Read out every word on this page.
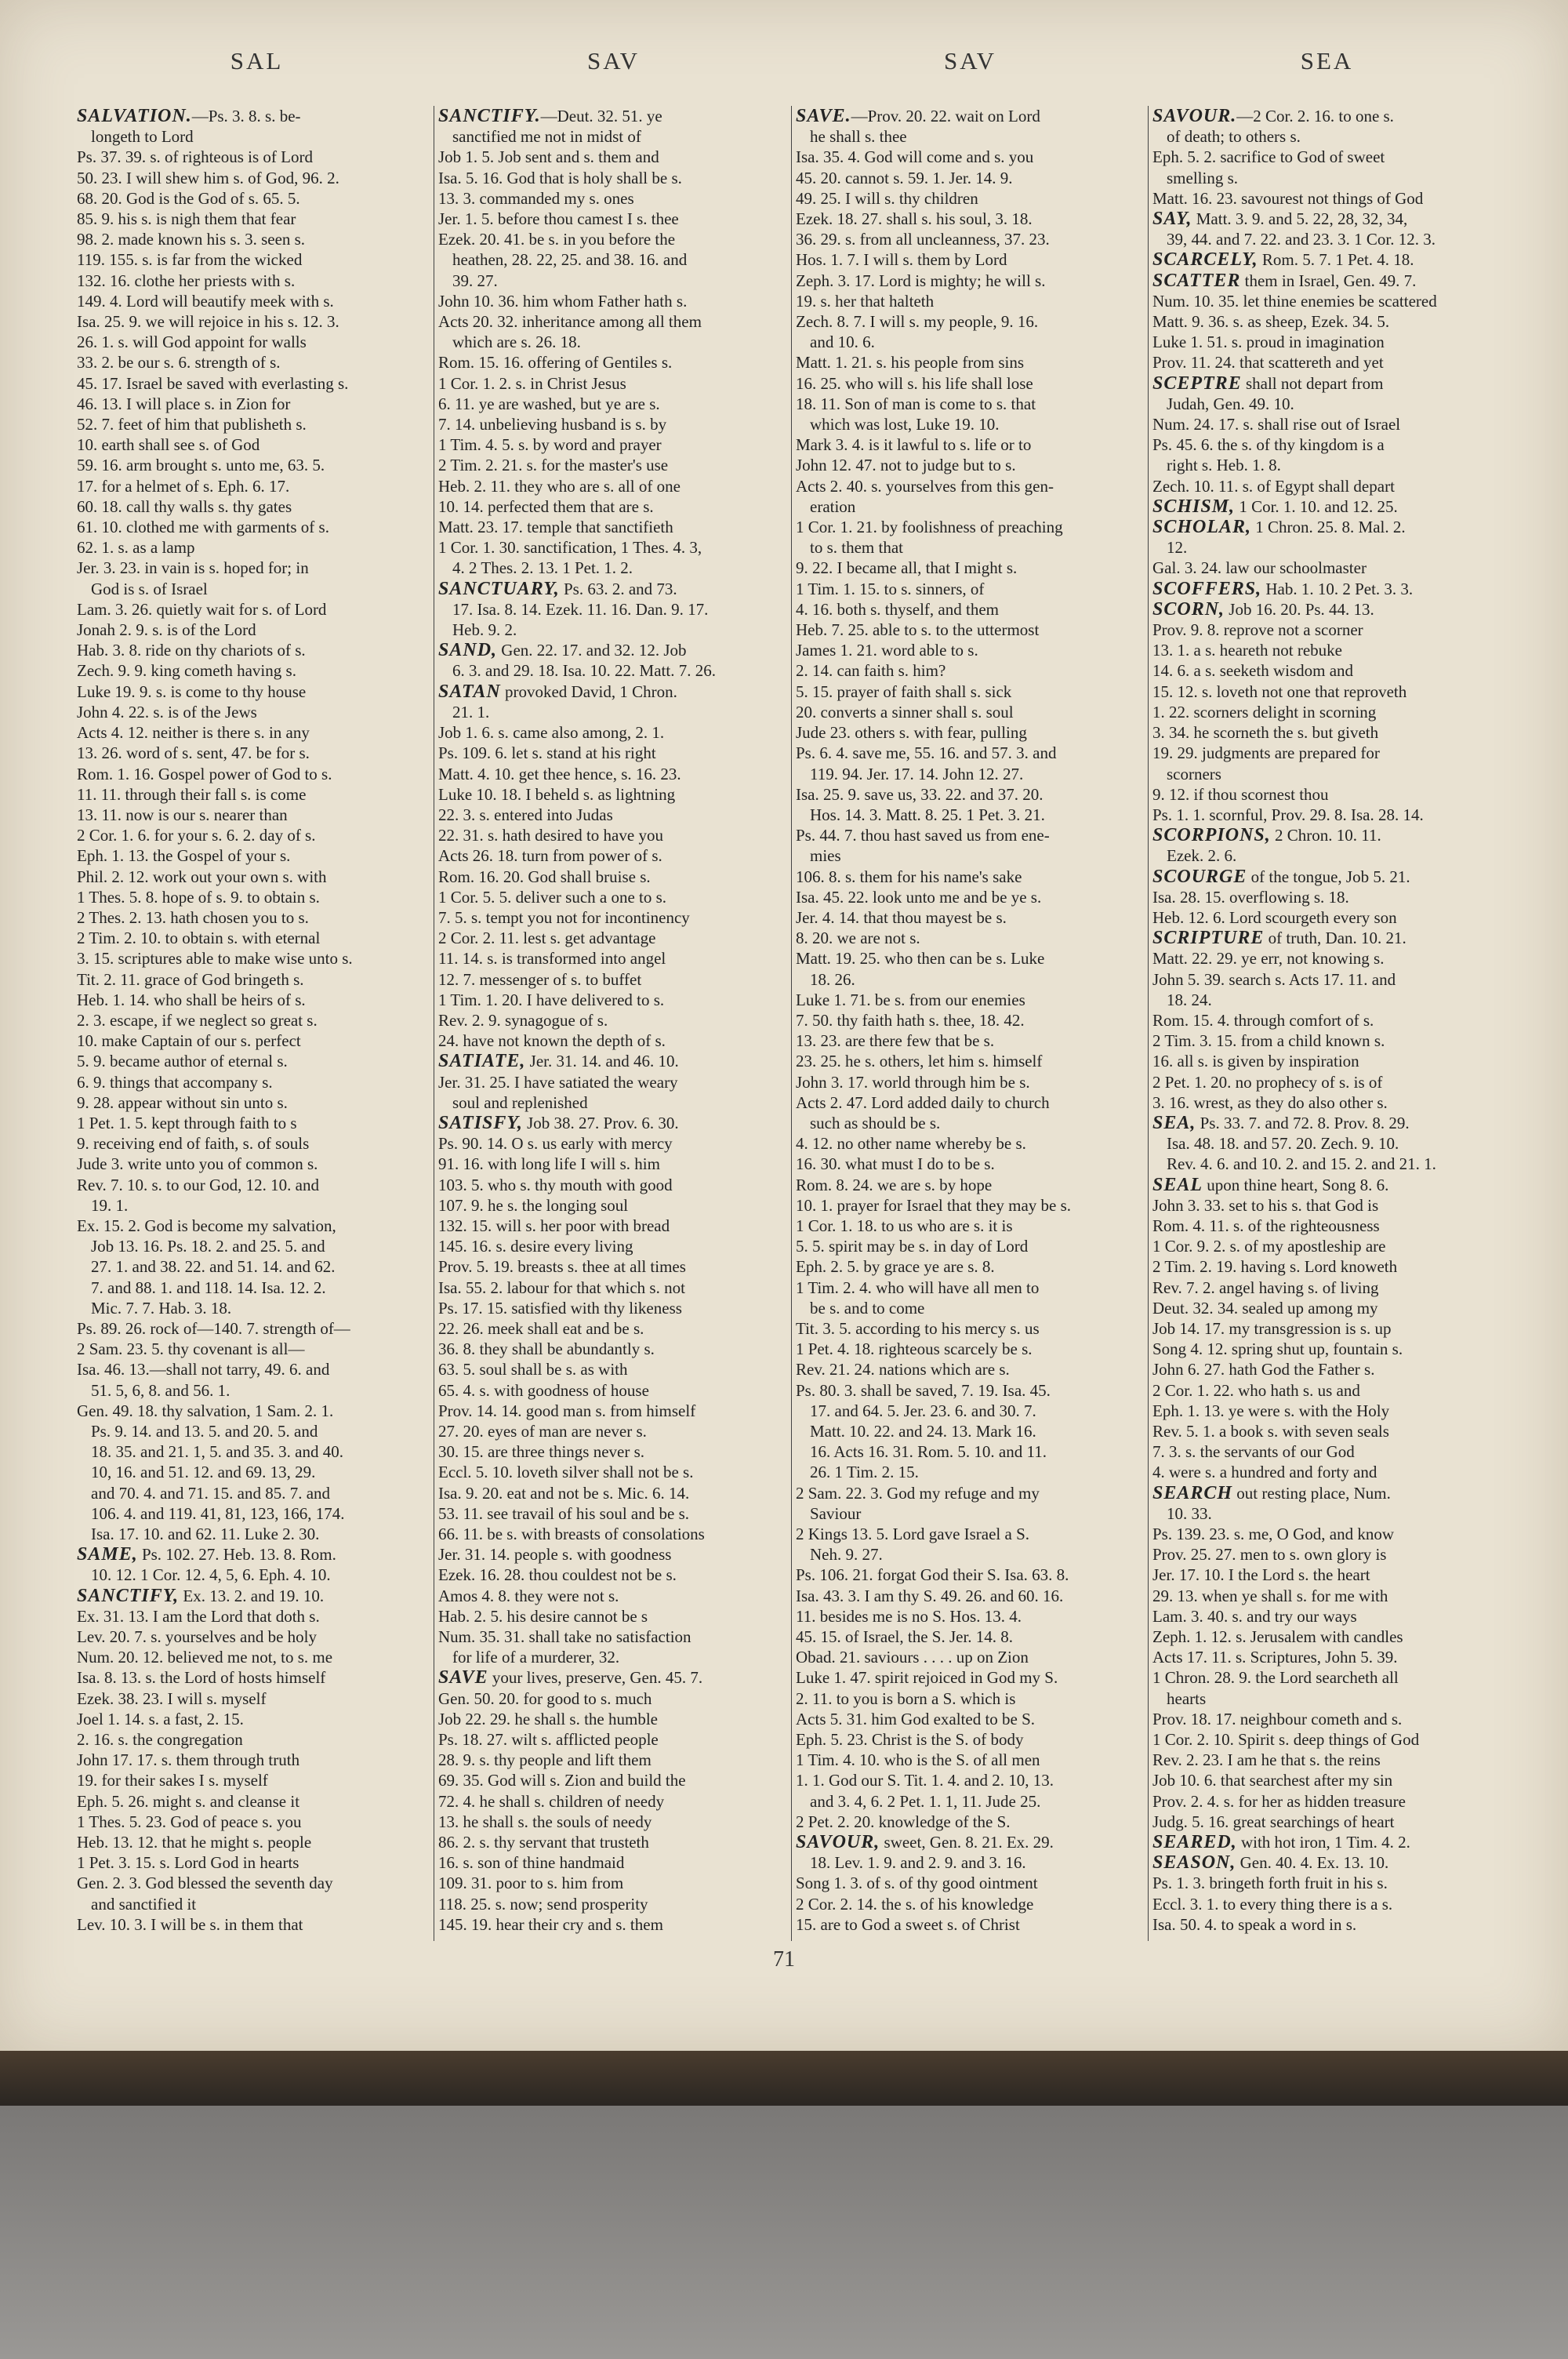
SAL	SAV	SAV	SEA
SALVATION.—Ps. 3. 8. s. be-
longeth to Lord
Ps. 37. 39. s. of righteous is of Lord
50. 23. I will shew him s. of God, 96. 2.
68. 20. God is the God of s. 65. 5.
85. 9. his s. is nigh them that fear
98. 2. made known his s. 3. seen s.
119. 155. s. is far from the wicked
132. 16. clothe her priests with s.
149. 4. Lord will beautify meek with s.
Isa. 25. 9. we will rejoice in his s. 12. 3.
26. 1. s. will God appoint for walls
33. 2. be our s. 6. strength of s.
45. 17. Israel be saved with everlasting s.
46. 13. I will place s. in Zion for
52. 7. feet of him that publisheth s.
10. earth shall see s. of God
59. 16. arm brought s. unto me, 63. 5.
17. for a helmet of s. Eph. 6. 17.
60. 18. call thy walls s. thy gates
61. 10. clothed me with garments of s.
62. 1. s. as a lamp
Jer. 3. 23. in vain is s. hoped for; in
God is s. of Israel
Lam. 3. 26. quietly wait for s. of Lord
Jonah 2. 9. s. is of the Lord
Hab. 3. 8. ride on thy chariots of s.
Zech. 9. 9. king cometh having s.
Luke 19. 9. s. is come to thy house
John 4. 22. s. is of the Jews
Acts 4. 12. neither is there s. in any
13. 26. word of s. sent, 47. be for s.
Rom. 1. 16. Gospel power of God to s.
11. 11. through their fall s. is come
13. 11. now is our s. nearer than
2 Cor. 1. 6. for your s. 6. 2. day of s.
Eph. 1. 13. the Gospel of your s.
Phil. 2. 12. work out your own s. with
1 Thes. 5. 8. hope of s. 9. to obtain s.
2 Thes. 2. 13. hath chosen you to s.
2 Tim. 2. 10. to obtain s. with eternal
3. 15. scriptures able to make wise unto s.
Tit. 2. 11. grace of God bringeth s.
Heb. 1. 14. who shall be heirs of s.
2. 3. escape, if we neglect so great s.
10. make Captain of our s. perfect
5. 9. became author of eternal s.
6. 9. things that accompany s.
9. 28. appear without sin unto s.
1 Pet. 1. 5. kept through faith to s
9. receiving end of faith, s. of souls
Jude 3. write unto you of common s.
Rev. 7. 10. s. to our God, 12. 10. and
19. 1.
Ex. 15. 2. God is become my salvation,
Job 13. 16. Ps. 18. 2. and 25. 5. and
27. 1. and 38. 22. and 51. 14. and 62.
7. and 88. 1. and 118. 14. Isa. 12. 2.
Mic. 7. 7. Hab. 3. 18.
Ps. 89. 26. rock of—140. 7. strength of—
2 Sam. 23. 5. thy covenant is all—
Isa. 46. 13.—shall not tarry, 49. 6. and
51. 5, 6, 8. and 56. 1.
Gen. 49. 18. thy salvation, 1 Sam. 2. 1.
Ps. 9. 14. and 13. 5. and 20. 5. and
18. 35. and 21. 1, 5. and 35. 3. and 40.
10, 16. and 51. 12. and 69. 13, 29.
and 70. 4. and 71. 15. and 85. 7. and
106. 4. and 119. 41, 81, 123, 166, 174.
Isa. 17. 10. and 62. 11. Luke 2. 30.
SAME, Ps. 102. 27. Heb. 13. 8. Rom.
10. 12. 1 Cor. 12. 4, 5, 6. Eph. 4. 10.
SANCTIFY, Ex. 13. 2. and 19. 10.
Ex. 31. 13. I am the Lord that doth s.
Lev. 20. 7. s. yourselves and be holy
Num. 20. 12. believed me not, to s. me
Isa. 8. 13. s. the Lord of hosts himself
Ezek. 38. 23. I will s. myself
Joel 1. 14. s. a fast, 2. 15.
2. 16. s. the congregation
John 17. 17. s. them through truth
19. for their sakes I s. myself
Eph. 5. 26. might s. and cleanse it
1 Thes. 5. 23. God of peace s. you
Heb. 13. 12. that he might s. people
1 Pet. 3. 15. s. Lord God in hearts
Gen. 2. 3. God blessed the seventh day
and sanctified it
Lev. 10. 3. I will be s. in them that
SANCTIFY.—Deut. 32. 51. ye
sanctified me not in midst of
Job 1. 5. Job sent and s. them and
Isa. 5. 16. God that is holy shall be s.
13. 3. commanded my s. ones
Jer. 1. 5. before thou camest I s. thee
Ezek. 20. 41. be s. in you before the
heathen, 28. 22, 25. and 38. 16. and
39. 27.
John 10. 36. him whom Father hath s.
Acts 20. 32. inheritance among all them
which are s. 26. 18.
Rom. 15. 16. offering of Gentiles s.
1 Cor. 1. 2. s. in Christ Jesus
6. 11. ye are washed, but ye are s.
7. 14. unbelieving husband is s. by
1 Tim. 4. 5. s. by word and prayer
2 Tim. 2. 21. s. for the master's use
Heb. 2. 11. they who are s. all of one
10. 14. perfected them that are s.
Matt. 23. 17. temple that sanctifieth
1 Cor. 1. 30. sanctification, 1 Thes. 4. 3,
4. 2 Thes. 2. 13. 1 Pet. 1. 2.
SANCTUARY, Ps. 63. 2. and 73.
17. Isa. 8. 14. Ezek. 11. 16. Dan. 9. 17.
Heb. 9. 2.
SAND, Gen. 22. 17. and 32. 12. Job
6. 3. and 29. 18. Isa. 10. 22. Matt. 7. 26.
SATAN provoked David, 1 Chron.
21. 1.
Job 1. 6. s. came also among, 2. 1.
Ps. 109. 6. let s. stand at his right
Matt. 4. 10. get thee hence, s. 16. 23.
Luke 10. 18. I beheld s. as lightning
22. 3. s. entered into Judas
22. 31. s. hath desired to have you
Acts 26. 18. turn from power of s.
Rom. 16. 20. God shall bruise s.
1 Cor. 5. 5. deliver such a one to s.
7. 5. s. tempt you not for incontinency
2 Cor. 2. 11. lest s. get advantage
11. 14. s. is transformed into angel
12. 7. messenger of s. to buffet
1 Tim. 1. 20. I have delivered to s.
Rev. 2. 9. synagogue of s.
24. have not known the depth of s.
SATIATE, Jer. 31. 14. and 46. 10.
Jer. 31. 25. I have satiated the weary
soul and replenished
SATISFY, Job 38. 27. Prov. 6. 30.
Ps. 90. 14. O s. us early with mercy
91. 16. with long life I will s. him
103. 5. who s. thy mouth with good
107. 9. he s. the longing soul
132. 15. will s. her poor with bread
145. 16. s. desire every living
Prov. 5. 19. breasts s. thee at all times
Isa. 55. 2. labour for that which s. not
Ps. 17. 15. satisfied with thy likeness
22. 26. meek shall eat and be s.
36. 8. they shall be abundantly s.
63. 5. soul shall be s. as with
65. 4. s. with goodness of house
Prov. 14. 14. good man s. from himself
27. 20. eyes of man are never s.
30. 15. are three things never s.
Eccl. 5. 10. loveth silver shall not be s.
Isa. 9. 20. eat and not be s. Mic. 6. 14.
53. 11. see travail of his soul and be s.
66. 11. be s. with breasts of consolations
Jer. 31. 14. people s. with goodness
Ezek. 16. 28. thou couldest not be s.
Amos 4. 8. they were not s.
Hab. 2. 5. his desire cannot be s
Num. 35. 31. shall take no satisfaction
for life of a murderer, 32.
SAVE your lives, preserve, Gen. 45. 7.
Gen. 50. 20. for good to s. much
Job 22. 29. he shall s. the humble
Ps. 18. 27. wilt s. afflicted people
28. 9. s. thy people and lift them
69. 35. God will s. Zion and build the
72. 4. he shall s. children of needy
13. he shall s. the souls of needy
86. 2. s. thy servant that trusteth
16. s. son of thine handmaid
109. 31. poor to s. him from
118. 25. s. now; send prosperity
145. 19. hear their cry and s. them
SAVE.—Prov. 20. 22. wait on Lord
he shall s. thee
Isa. 35. 4. God will come and s. you
45. 20. cannot s. 59. 1. Jer. 14. 9.
49. 25. I will s. thy children
Ezek. 18. 27. shall s. his soul, 3. 18.
36. 29. s. from all uncleanness, 37. 23.
Hos. 1. 7. I will s. them by Lord
Zeph. 3. 17. Lord is mighty; he will s.
19. s. her that halteth
Zech. 8. 7. I will s. my people, 9. 16.
and 10. 6.
Matt. 1. 21. s. his people from sins
16. 25. who will s. his life shall lose
18. 11. Son of man is come to s. that
which was lost, Luke 19. 10.
Mark 3. 4. is it lawful to s. life or to
John 12. 47. not to judge but to s.
Acts 2. 40. s. yourselves from this gen-
eration
1 Cor. 1. 21. by foolishness of preaching
to s. them that
9. 22. I became all, that I might s.
1 Tim. 1. 15. to s. sinners, of
4. 16. both s. thyself, and them
Heb. 7. 25. able to s. to the uttermost
James 1. 21. word able to s.
2. 14. can faith s. him?
5. 15. prayer of faith shall s. sick
20. converts a sinner shall s. soul
Jude 23. others s. with fear, pulling
Ps. 6. 4. save me, 55. 16. and 57. 3. and
119. 94. Jer. 17. 14. John 12. 27.
Isa. 25. 9. save us, 33. 22. and 37. 20.
Hos. 14. 3. Matt. 8. 25. 1 Pet. 3. 21.
Ps. 44. 7. thou hast saved us from ene-
mies
106. 8. s. them for his name's sake
Isa. 45. 22. look unto me and be ye s.
Jer. 4. 14. that thou mayest be s.
8. 20. we are not s.
Matt. 19. 25. who then can be s. Luke
18. 26.
Luke 1. 71. be s. from our enemies
7. 50. thy faith hath s. thee, 18. 42.
13. 23. are there few that be s.
23. 25. he s. others, let him s. himself
John 3. 17. world through him be s.
Acts 2. 47. Lord added daily to church
such as should be s.
4. 12. no other name whereby be s.
16. 30. what must I do to be s.
Rom. 8. 24. we are s. by hope
10. 1. prayer for Israel that they may be s.
1 Cor. 1. 18. to us who are s. it is
5. 5. spirit may be s. in day of Lord
Eph. 2. 5. by grace ye are s. 8.
1 Tim. 2. 4. who will have all men to
be s. and to come
Tit. 3. 5. according to his mercy s. us
1 Pet. 4. 18. righteous scarcely be s.
Rev. 21. 24. nations which are s.
Ps. 80. 3. shall be saved, 7. 19. Isa. 45.
17. and 64. 5. Jer. 23. 6. and 30. 7.
Matt. 10. 22. and 24. 13. Mark 16.
16. Acts 16. 31. Rom. 5. 10. and 11.
26. 1 Tim. 2. 15.
2 Sam. 22. 3. God my refuge and my
Saviour
2 Kings 13. 5. Lord gave Israel a S.
Neh. 9. 27.
Ps. 106. 21. forgat God their S. Isa. 63. 8.
Isa. 43. 3. I am thy S. 49. 26. and 60. 16.
11. besides me is no S. Hos. 13. 4.
45. 15. of Israel, the S. Jer. 14. 8.
Obad. 21. saviours . . . . up on Zion
Luke 1. 47. spirit rejoiced in God my S.
2. 11. to you is born a S. which is
Acts 5. 31. him God exalted to be S.
Eph. 5. 23. Christ is the S. of body
1 Tim. 4. 10. who is the S. of all men
1. 1. God our S. Tit. 1. 4. and 2. 10, 13.
and 3. 4, 6. 2 Pet. 1. 1, 11. Jude 25.
2 Pet. 2. 20. knowledge of the S.
SAVOUR, sweet, Gen. 8. 21. Ex. 29.
18. Lev. 1. 9. and 2. 9. and 3. 16.
Song 1. 3. of s. of thy good ointment
2 Cor. 2. 14. the s. of his knowledge
15. are to God a sweet s. of Christ
SAVOUR.—2 Cor. 2. 16. to one s.
of death; to others s.
Eph. 5. 2. sacrifice to God of sweet
smelling s.
Matt. 16. 23. savourest not things of God
SAY, Matt. 3. 9. and 5. 22, 28, 32, 34,
39, 44. and 7. 22. and 23. 3. 1 Cor. 12. 3.
SCARCELY, Rom. 5. 7. 1 Pet. 4. 18.
SCATTER them in Israel, Gen. 49. 7.
Num. 10. 35. let thine enemies be scattered
Matt. 9. 36. s. as sheep, Ezek. 34. 5.
Luke 1. 51. s. proud in imagination
Prov. 11. 24. that scattereth and yet
SCEPTRE shall not depart from
Judah, Gen. 49. 10.
Num. 24. 17. s. shall rise out of Israel
Ps. 45. 6. the s. of thy kingdom is a
right s. Heb. 1. 8.
Zech. 10. 11. s. of Egypt shall depart
SCHISM, 1 Cor. 1. 10. and 12. 25.
SCHOLAR, 1 Chron. 25. 8. Mal. 2.
12.
Gal. 3. 24. law our schoolmaster
SCOFFERS, Hab. 1. 10. 2 Pet. 3. 3.
SCORN, Job 16. 20. Ps. 44. 13.
Prov. 9. 8. reprove not a scorner
13. 1. a s. heareth not rebuke
14. 6. a s. seeketh wisdom and
15. 12. s. loveth not one that reproveth
1. 22. scorners delight in scorning
3. 34. he scorneth the s. but giveth
19. 29. judgments are prepared for
scorners
9. 12. if thou scornest thou
Ps. 1. 1. scornful, Prov. 29. 8. Isa. 28. 14.
SCORPIONS, 2 Chron. 10. 11.
Ezek. 2. 6.
SCOURGE of the tongue, Job 5. 21.
Isa. 28. 15. overflowing s. 18.
Heb. 12. 6. Lord scourgeth every son
SCRIPTURE of truth, Dan. 10. 21.
Matt. 22. 29. ye err, not knowing s.
John 5. 39. search s. Acts 17. 11. and
18. 24.
Rom. 15. 4. through comfort of s.
2 Tim. 3. 15. from a child known s.
16. all s. is given by inspiration
2 Pet. 1. 20. no prophecy of s. is of
3. 16. wrest, as they do also other s.
SEA, Ps. 33. 7. and 72. 8. Prov. 8. 29.
Isa. 48. 18. and 57. 20. Zech. 9. 10.
Rev. 4. 6. and 10. 2. and 15. 2. and 21. 1.
SEAL upon thine heart, Song 8. 6.
John 3. 33. set to his s. that God is
Rom. 4. 11. s. of the righteousness
1 Cor. 9. 2. s. of my apostleship are
2 Tim. 2. 19. having s. Lord knoweth
Rev. 7. 2. angel having s. of living
Deut. 32. 34. sealed up among my
Job 14. 17. my transgression is s. up
Song 4. 12. spring shut up, fountain s.
John 6. 27. hath God the Father s.
2 Cor. 1. 22. who hath s. us and
Eph. 1. 13. ye were s. with the Holy
Rev. 5. 1. a book s. with seven seals
7. 3. s. the servants of our God
4. were s. a hundred and forty and
SEARCH out resting place, Num.
10. 33.
Ps. 139. 23. s. me, O God, and know
Prov. 25. 27. men to s. own glory is
Jer. 17. 10. I the Lord s. the heart
29. 13. when ye shall s. for me with
Lam. 3. 40. s. and try our ways
Zeph. 1. 12. s. Jerusalem with candles
Acts 17. 11. s. Scriptures, John 5. 39.
1 Chron. 28. 9. the Lord searcheth all
hearts
Prov. 18. 17. neighbour cometh and s.
1 Cor. 2. 10. Spirit s. deep things of God
Rev. 2. 23. I am he that s. the reins
Job 10. 6. that searchest after my sin
Prov. 2. 4. s. for her as hidden treasure
Judg. 5. 16. great searchings of heart
SEARED, with hot iron, 1 Tim. 4. 2.
SEASON, Gen. 40. 4. Ex. 13. 10.
Ps. 1. 3. bringeth forth fruit in his s.
Eccl. 3. 1. to every thing there is a s.
Isa. 50. 4. to speak a word in s.
71
